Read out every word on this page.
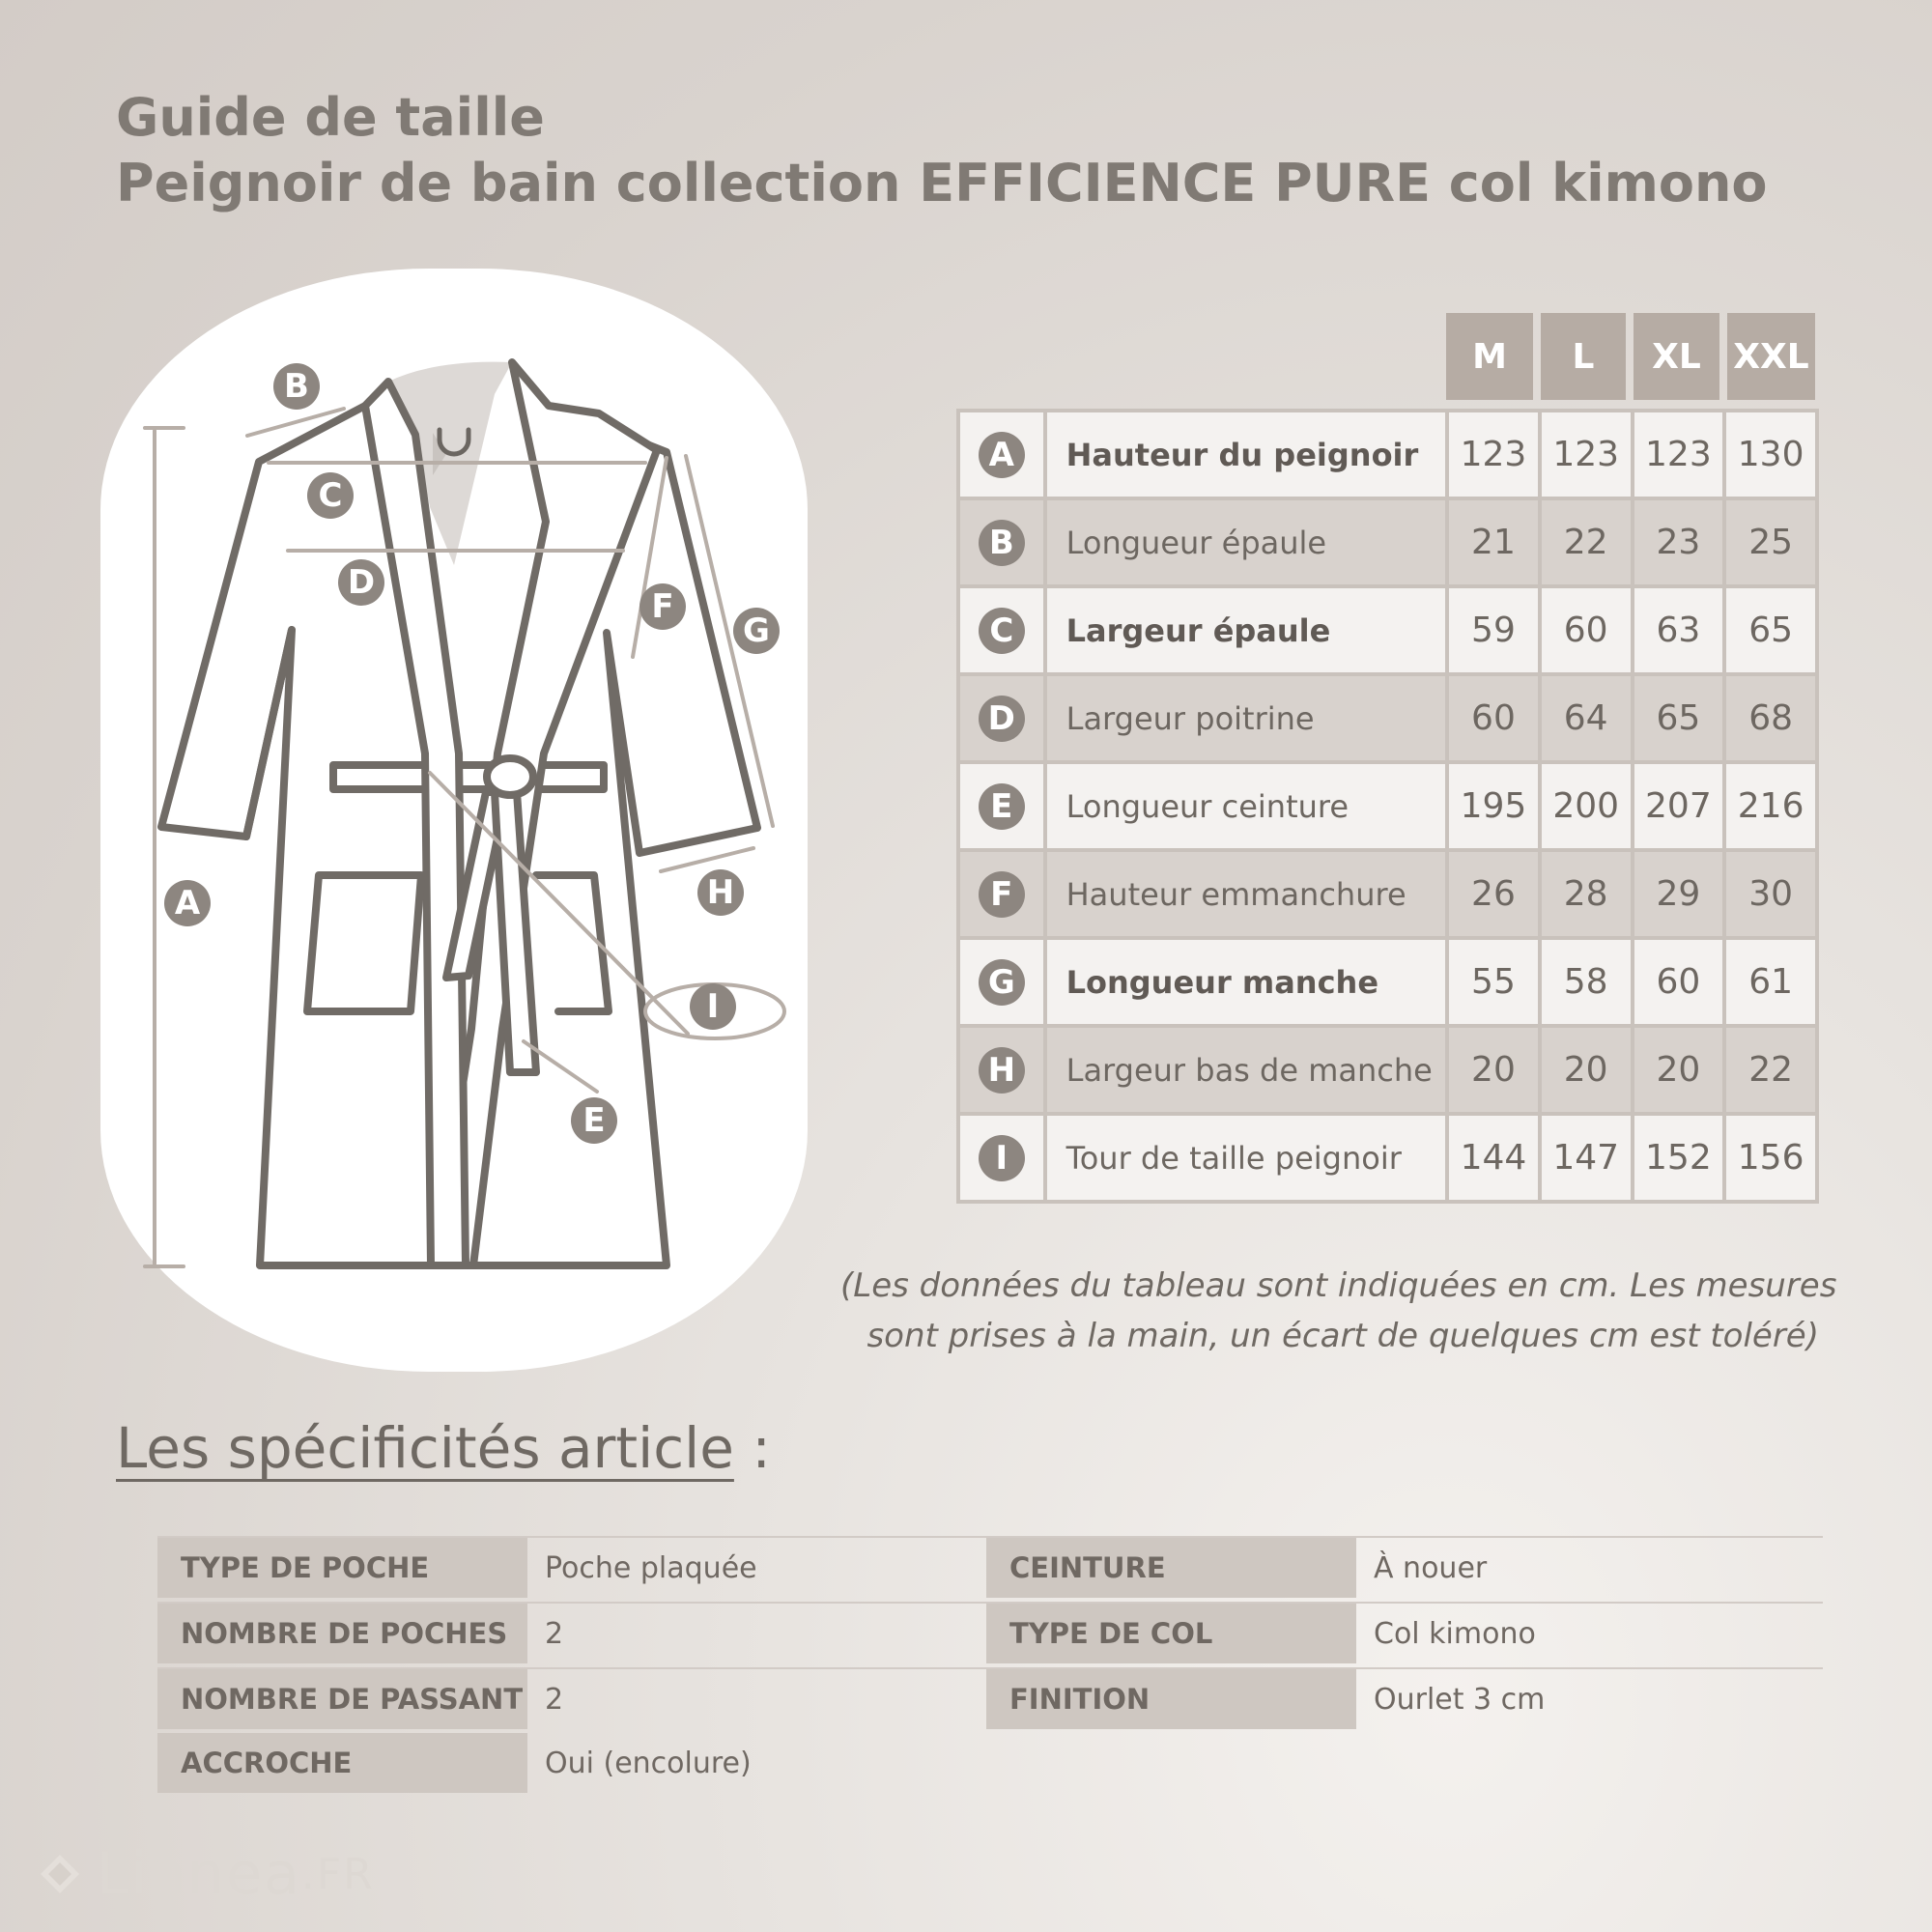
Guide de taille
Peignoir de bain collection EFFICIENCE PURE col kimono
A
B
C
D
E
F
G
H
I
M	L	XL XXL
A	Hauteur du peignoir	123	123	123	130
B	Longueur épaule	21	22	23	25
C	Largeur épaule	59	60	63	65
D	Largeur poitrine	60	64	65	68
E	Longueur ceinture	195	200	207	216
F	Hauteur emmanchure	26	28	29	30
G	Longueur manche	55	58	60	61
H	Largeur bas de manche	20	20	20	22
I	Tour de taille peignoir	144	147	152	156
(Les données du tableau sont indiquées en cm. Les mesures
sont prises à la main, un écart de quelques cm est toléré)
Les spécificités article :
TYPE DE POCHE	Poche plaquée	CEINTURE	À nouer
NOMBRE DE POCHES	2	TYPE DE COL	Col kimono
NOMBRE DE PASSANT 2	FINITION	Ourlet 3 cm
ACCROCHE	Oui (encolure)
Linnea .FR
